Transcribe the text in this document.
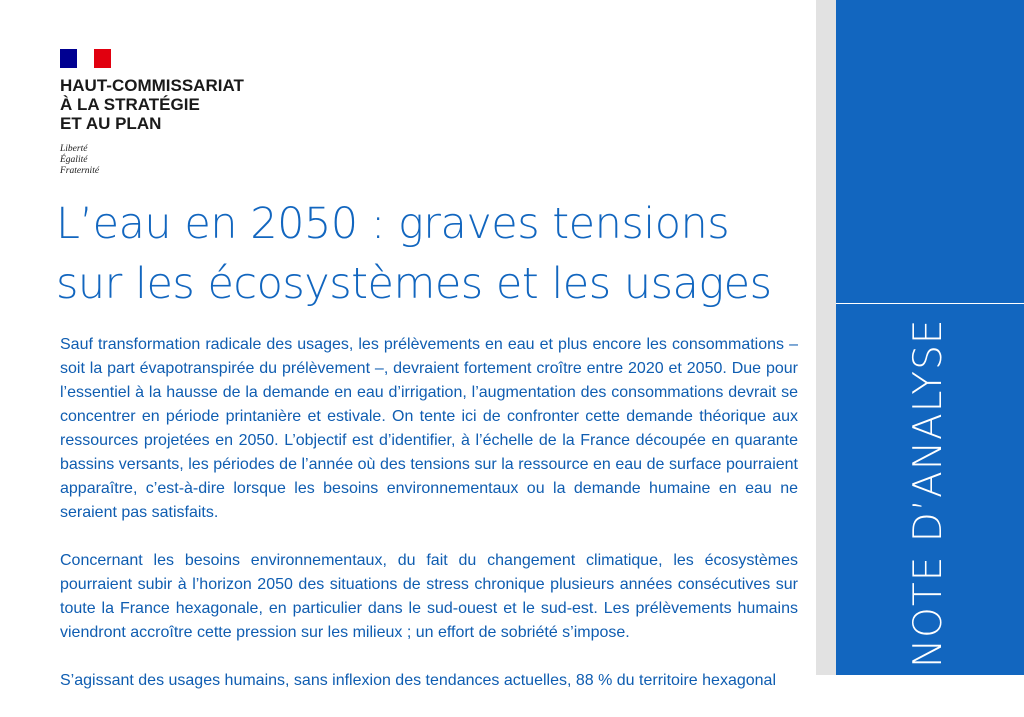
NOTE D’ANALYSE
HAUT-COMMISSARIAT
À LA STRATÉGIE
ET AU PLAN
Liberté
Égalité
Fraternité
L’eau en 2050 : graves tensions
sur les écosystèmes et les usages

Sauf transformation radicale des usages, les prélèvements en eau et plus encore les consommations – soit la part évapotranspirée du prélèvement –, devraient fortement croître entre 2020 et 2050. Due pour l’essentiel à la hausse de la demande en eau d’irrigation, l’augmentation des consommations devrait se concentrer en période printanière et estivale. On tente ici de confronter cette demande théorique aux ressources projetées en 2050. L’objectif est d’identifier, à l’échelle de la France découpée en quarante bassins versants, les périodes de l’année où des tensions sur la ressource en eau de surface pourraient apparaître, c’est-à-dire lorsque les besoins environnementaux ou la demande humaine en eau ne seraient pas satisfaits.

Concernant les besoins environnementaux, du fait du changement climatique, les écosystèmes pourraient subir à l’horizon 2050 des situations de stress chronique plusieurs années consécutives sur toute la France hexagonale, en particulier dans le sud-ouest et le sud-est. Les prélèvements humains viendront accroître cette pression sur les milieux ; un effort de sobriété s’impose.

S’agissant des usages humains, sans inflexion des tendances actuelles, 88 % du territoire hexagonal
